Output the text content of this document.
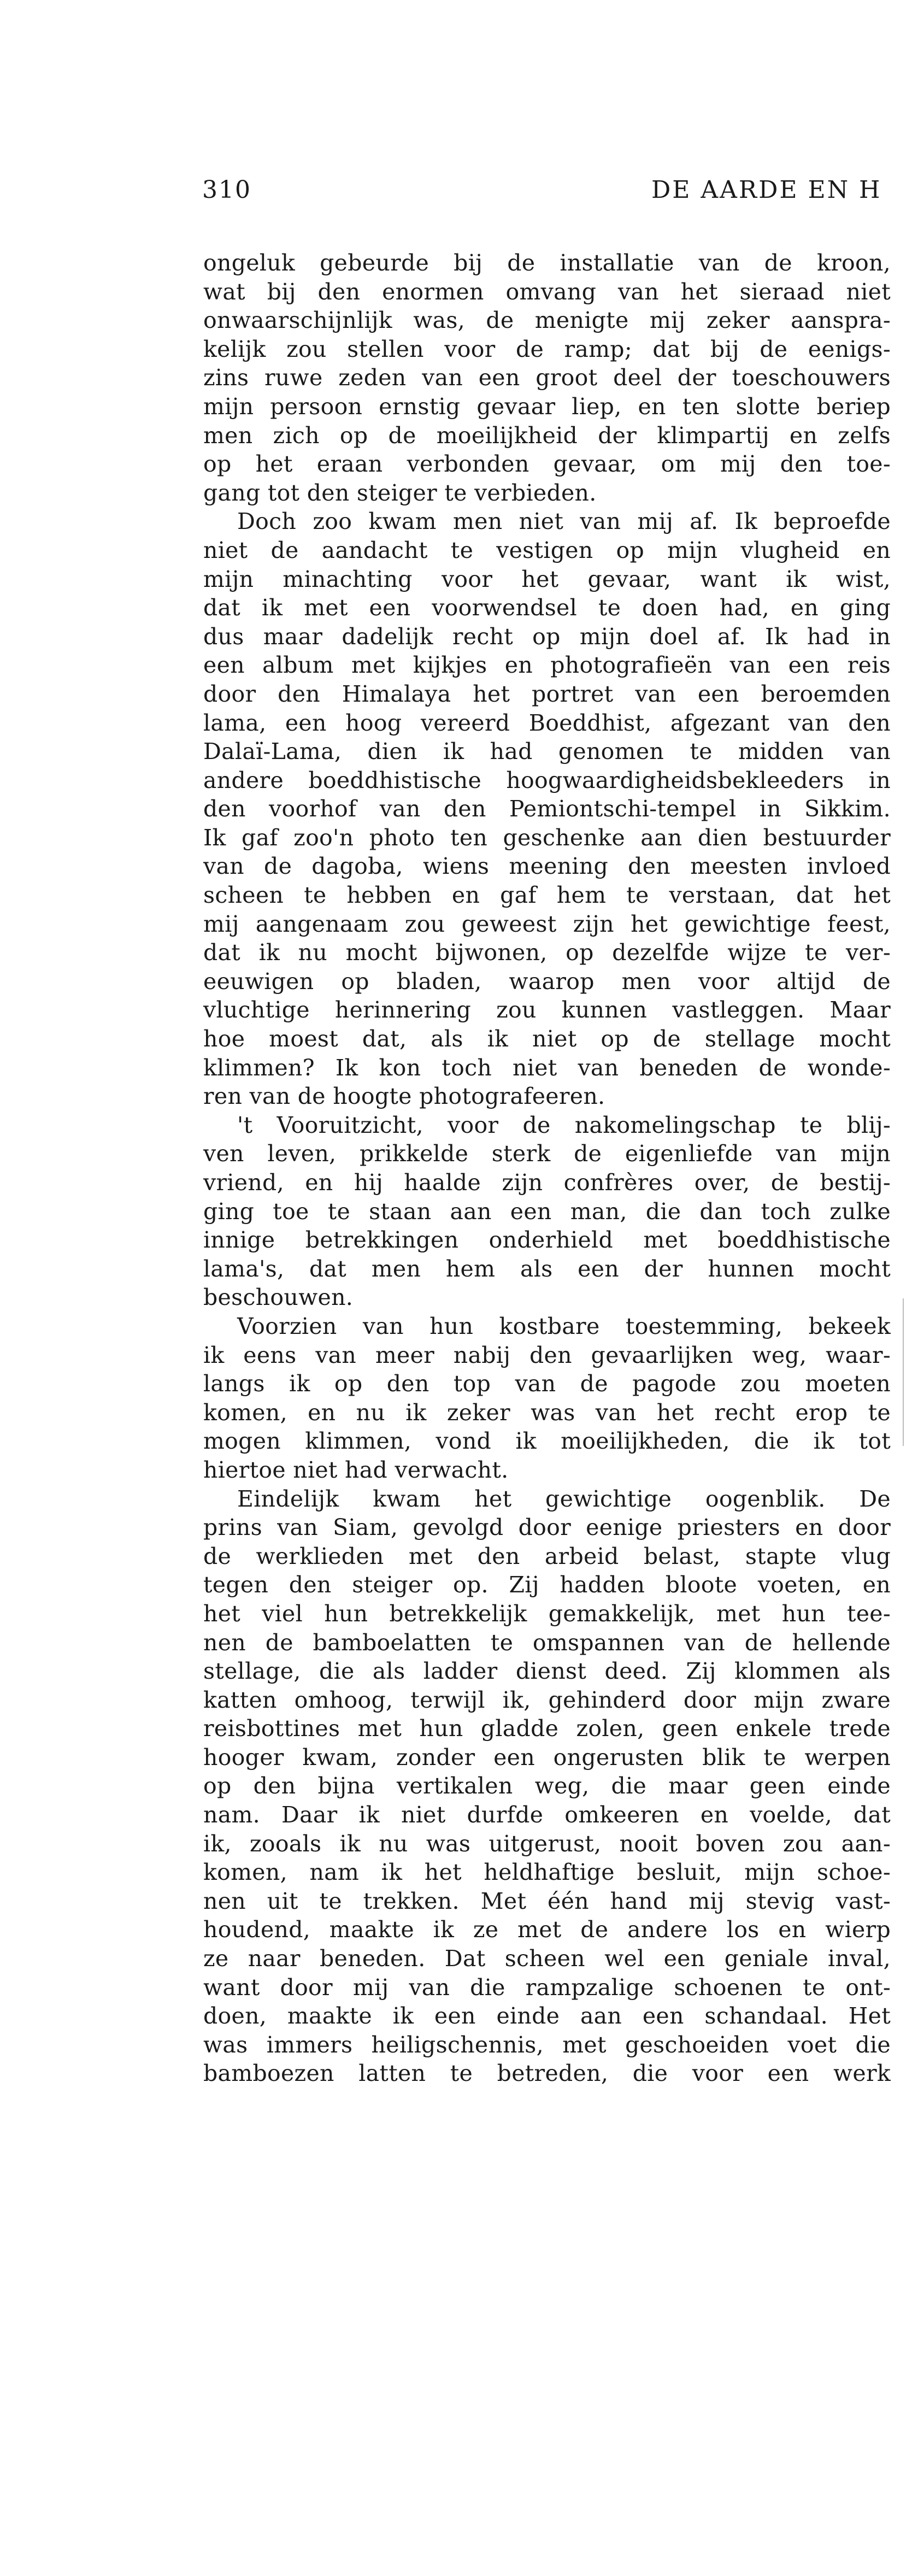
310	DE AARDE EN H
ongeluk gebeurde bij de installatie van de kroon,
wat bij den enormen omvang van het sieraad niet
onwaarschijnlijk was, de menigte mij zeker aanspra-
kelijk zou stellen voor de ramp; dat bij de eenigs-
zins ruwe zeden van een groot deel der toeschouwers
mijn persoon ernstig gevaar liep, en ten slotte beriep
men zich op de moeilijkheid der klimpartij en zelfs
op het eraan verbonden gevaar, om mij den toe-
gang tot den steiger te verbieden.
Doch zoo kwam men niet van mij af. Ik beproefde
niet de aandacht te vestigen op mijn vlugheid en
mijn minachting voor het gevaar, want ik wist,
dat ik met een voorwendsel te doen had, en ging
dus maar dadelijk recht op mijn doel af. Ik had in
een album met kijkjes en photografieën van een reis
door den Himalaya het portret van een beroemden
lama, een hoog vereerd Boeddhist, afgezant van den
Dalaï-Lama, dien ik had genomen te midden van
andere boeddhistische hoogwaardigheidsbekleeders in
den voorhof van den Pemiontschi-tempel in Sikkim.
Ik gaf zoo'n photo ten geschenke aan dien bestuurder
van de dagoba, wiens meening den meesten invloed
scheen te hebben en gaf hem te verstaan, dat het
mij aangenaam zou geweest zijn het gewichtige feest,
dat ik nu mocht bijwonen, op dezelfde wijze te ver-
eeuwigen op bladen, waarop men voor altijd de
vluchtige herinnering zou kunnen vastleggen. Maar
hoe moest dat, als ik niet op de stellage mocht
klimmen? Ik kon toch niet van beneden de wonde-
ren van de hoogte photografeeren.
't Vooruitzicht, voor de nakomelingschap te blij-
ven leven, prikkelde sterk de eigenliefde van mijn
vriend, en hij haalde zijn confrères over, de bestij-
ging toe te staan aan een man, die dan toch zulke
innige betrekkingen onderhield met boeddhistische
lama's, dat men hem als een der hunnen mocht
beschouwen.
Voorzien van hun kostbare toestemming, bekeek
ik eens van meer nabij den gevaarlijken weg, waar-
langs ik op den top van de pagode zou moeten
komen, en nu ik zeker was van het recht erop te
mogen klimmen, vond ik moeilijkheden, die ik tot
hiertoe niet had verwacht.
Eindelijk kwam het gewichtige oogenblik. De
prins van Siam, gevolgd door eenige priesters en door
de werklieden met den arbeid belast, stapte vlug
tegen den steiger op. Zij hadden bloote voeten, en
het viel hun betrekkelijk gemakkelijk, met hun tee-
nen de bamboelatten te omspannen van de hellende
stellage, die als ladder dienst deed. Zij klommen als
katten omhoog, terwijl ik, gehinderd door mijn zware
reisbottines met hun gladde zolen, geen enkele trede
hooger kwam, zonder een ongerusten blik te werpen
op den bijna vertikalen weg, die maar geen einde
nam. Daar ik niet durfde omkeeren en voelde, dat
ik, zooals ik nu was uitgerust, nooit boven zou aan-
komen, nam ik het heldhaftige besluit, mijn schoe-
nen uit te trekken. Met één hand mij stevig vast-
houdend, maakte ik ze met de andere los en wierp
ze naar beneden. Dat scheen wel een geniale inval,
want door mij van die rampzalige schoenen te ont-
doen, maakte ik een einde aan een schandaal. Het
was immers heiligschennis, met geschoeiden voet die
bamboezen latten te betreden, die voor een werk
